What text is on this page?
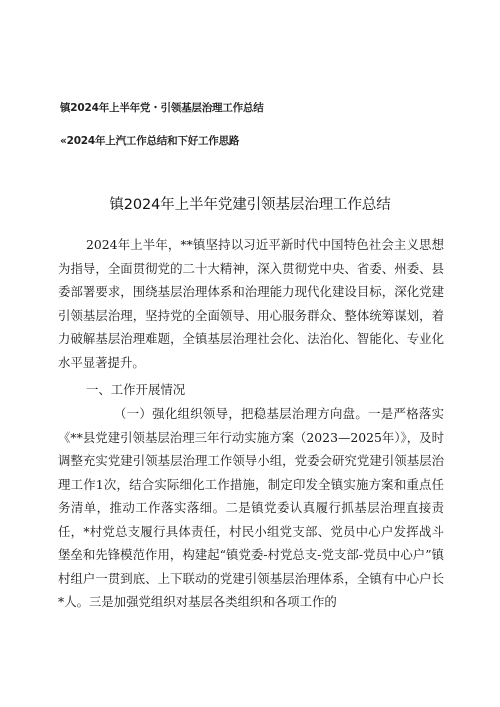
镇2024年上半年党・引领基层治理工作总结
«2024年上汽工作总结和下好工作思路
镇2024年上半年党建引领基层治理工作总结

2024年上半年，**镇坚持以习近平新时代中国特色社会主义思想为指导，全面贯彻党的二十大精神，深入贯彻党中央、省委、州委、县委部署要求，围绕基层治理体系和治理能力现代化建设目标，深化党建引领基层治理，坚持党的全面领导、用心服务群众、整体统筹谋划，着力破解基层治理难题，全镇基层治理社会化、法治化、智能化、专业化水平显著提升。

一、工作开展情况

（一）强化组织领导，把稳基层治理方向盘。一是严格落实《**县党建引领基层治理三年行动实施方案（2023—2025年）》，及时调整充实党建引领基层治理工作领导小组，党委会研究党建引领基层治理工作1次，结合实际细化工作措施，制定印发全镇实施方案和重点任务清单，推动工作落实落细。二是镇党委认真履行抓基层治理直接责任，*村党总支履行具体责任，村民小组党支部、党员中心户发挥战斗堡垒和先锋模范作用，构建起“镇党委-村党总支-党支部-党员中心户”镇村组户一贯到底、上下联动的党建引领基层治理体系，全镇有中心户长*人。三是加强党组织对基层各类组织和各项工作的
